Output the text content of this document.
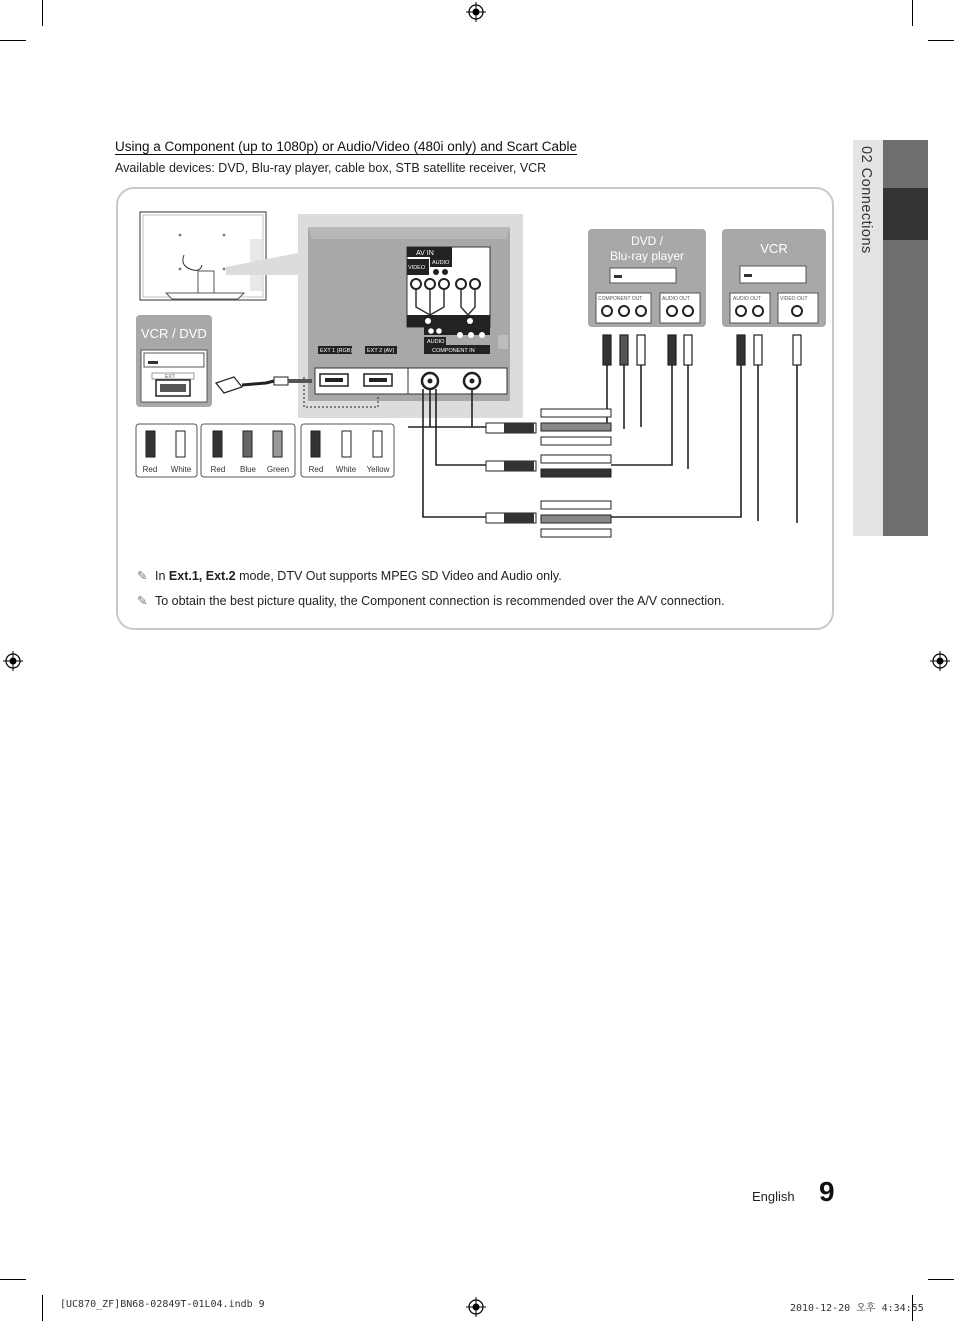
Using a Component (up to 1080p) or Audio/Video (480i only) and Scart Cable
Available devices: DVD, Blu-ray player, cable box, STB satellite receiver, VCR	02 Connections
AV IN
AUDIO
VIDEO
AUDIO
COMPONENT IN
EXT 1 (RGB)	EXT 2 (AV)
VCR / DVD
EXT
DVD /
Blu-ray player
COMPONENT OUT	AUDIO OUT
VCR
AUDIO OUT	VIDEO OUT
Red White Red Blue Green Red White Yellow
✎ In Ext.1, Ext.2 mode, DTV Out supports MPEG SD Video and Audio only.
✎ To obtain the best picture quality, the Component connection is recommended over the A/V connection.
English 9
[UC870_ZF]BN68-02849T-01L04.indb 9	2010-12-20 오후 4:34:55
